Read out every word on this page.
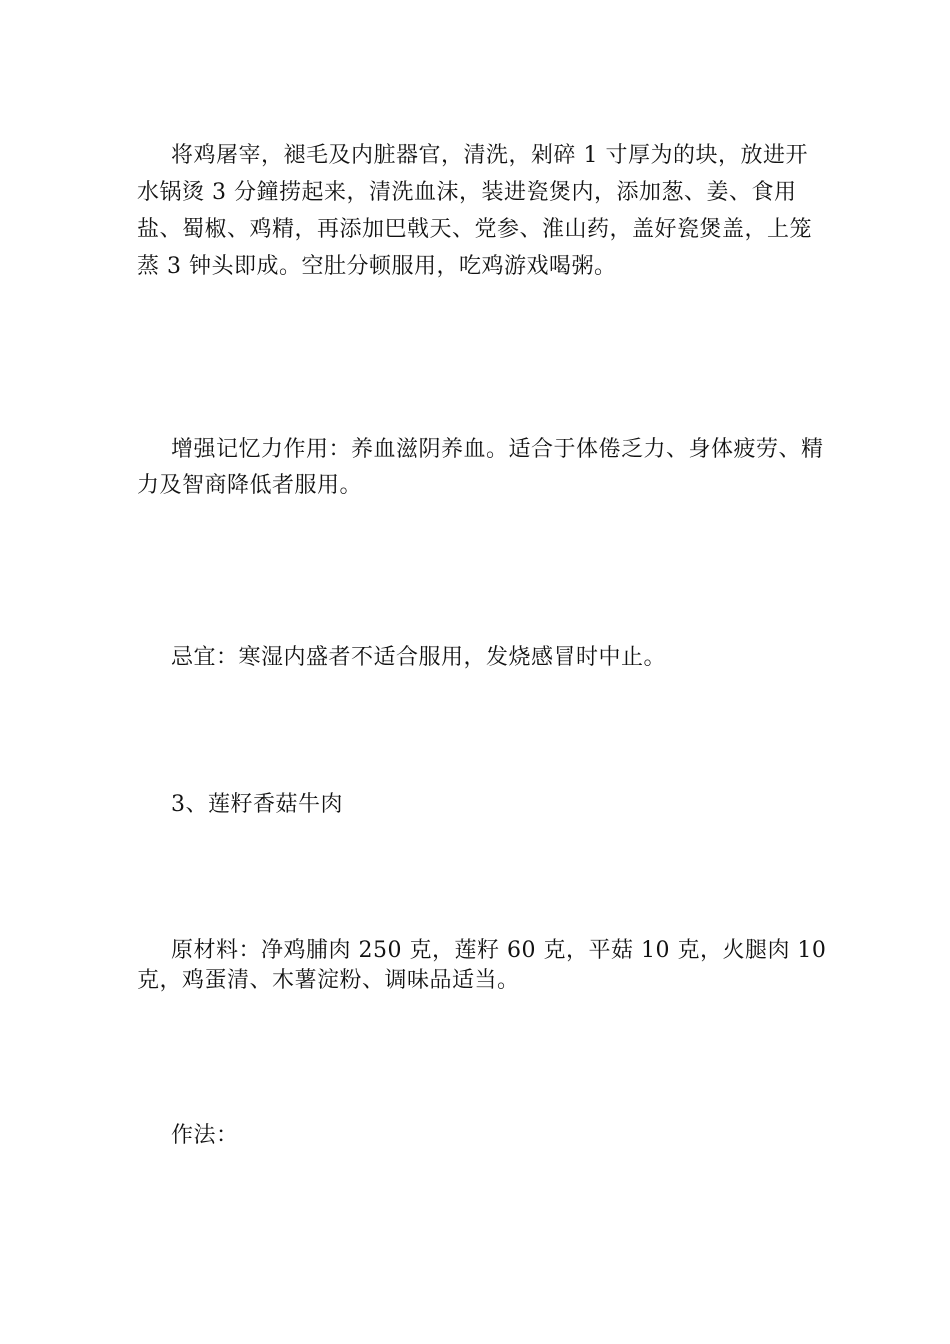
将鸡屠宰，褪毛及内脏器官，清洗，剁碎 1 寸厚为的块，放进开水锅烫 3 分鐘捞起来，清洗血沫，装进瓷煲内，添加葱、姜、食用盐、蜀椒、鸡精，再添加巴戟天、党参、淮山药，盖好瓷煲盖，上笼蒸 3 钟头即成。空肚分顿服用，吃鸡游戏喝粥。

增强记忆力作用：养血滋阴养血。适合于体倦乏力、身体疲劳、精力及智商降低者服用。

忌宜：寒湿内盛者不适合服用，发烧感冒时中止。

3、莲籽香菇牛肉

原材料：净鸡脯肉 250 克，莲籽 60 克，平菇 10 克，火腿肉 10 克，鸡蛋清、木薯淀粉、调味品适当。

作法：
